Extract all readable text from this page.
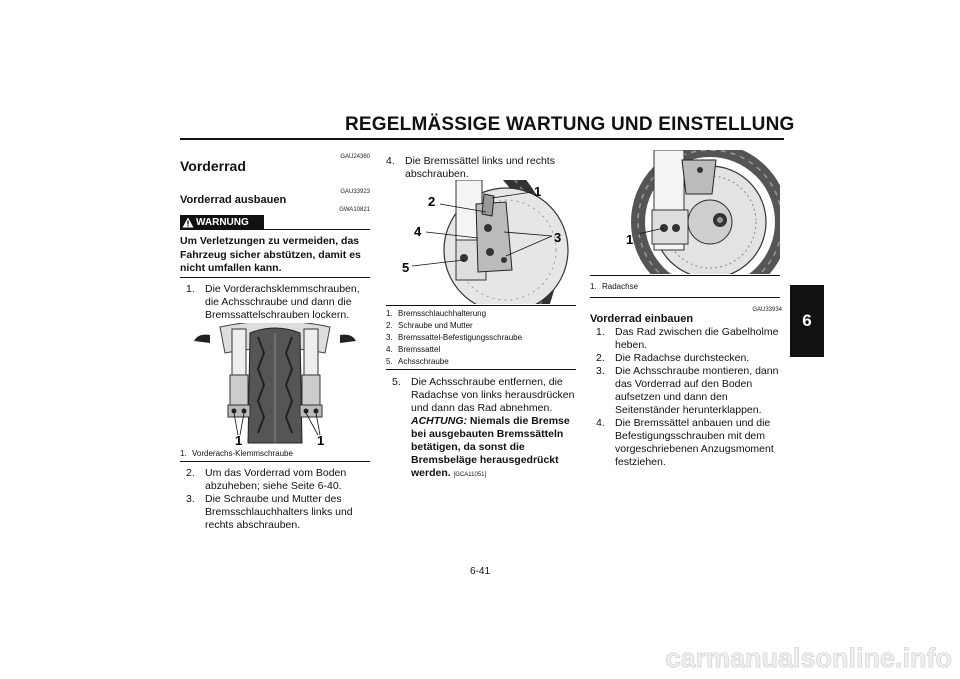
REGELMÄSSIGE WARTUNG UND EINSTELLUNG
6
GAU24360
Vorderrad
GAU33923
Vorderrad ausbauen
GWA10821
WARNUNG
Um Verletzungen zu vermeiden, das Fahrzeug sicher abstützen, damit es nicht umfallen kann.
1. Die Vorderachsklemmschrauben, die Achsschraube und dann die Bremssattelschrauben lockern.
1	1
1. Vorderachs-Klemmschraube
2. Um das Vorderrad vom Boden abzuheben; siehe Seite 6-40.
3. Die Schraube und Mutter des Bremsschlauchhalters links und rechts abschrauben.
4. Die Bremssättel links und rechts abschrauben.
1
2
3
4
5
1. Bremsschlauchhalterung
2. Schraube und Mutter
3. Bremssattel-Befestigungsschraube
4. Bremssattel
5. Achsschraube
5. Die Achsschraube entfernen, die Radachse von links herausdrücken und dann das Rad abnehmen. ACHTUNG: Niemals die Bremse bei ausgebauten Bremssätteln betätigen, da sonst die Bremsbeläge herausgedrückt werden. [GCA11051]
1
1. Radachse
GAU33934
Vorderrad einbauen
1. Das Rad zwischen die Gabelholme heben.
2. Die Radachse durchstecken.
3. Die Achsschraube montieren, dann das Vorderrad auf den Boden aufsetzen und dann den Seitenständer herunterklappen.
4. Die Bremssättel anbauen und die Befestigungsschrauben mit dem vorgeschriebenen Anzugsmoment festziehen.
6-41
carmanualsonline.info
